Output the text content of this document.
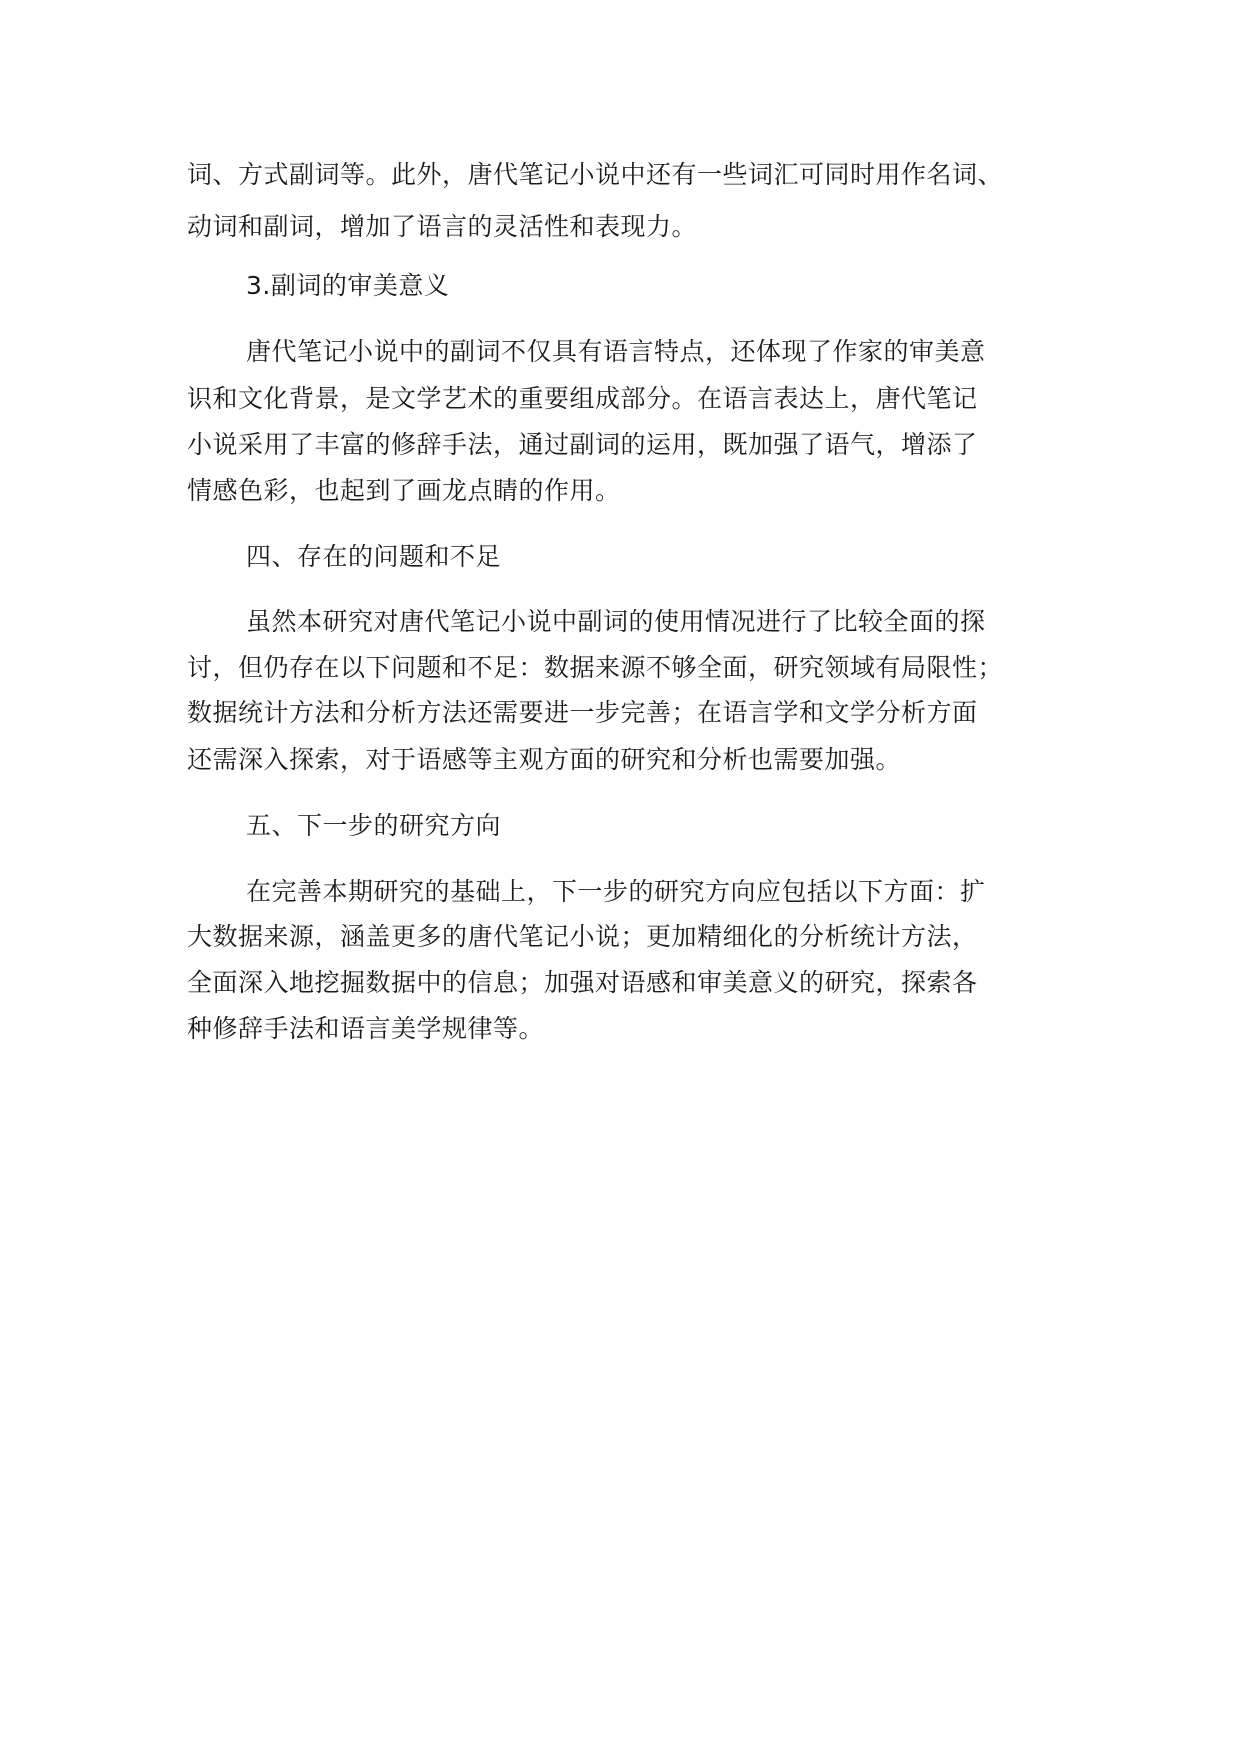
词、方式副词等。此外，唐代笔记小说中还有一些词汇可同时用作名词、
动词和副词，增加了语言的灵活性和表现力。
3.副词的审美意义
唐代笔记小说中的副词不仅具有语言特点，还体现了作家的审美意
识和文化背景，是文学艺术的重要组成部分。在语言表达上，唐代笔记
小说采用了丰富的修辞手法，通过副词的运用，既加强了语气，增添了
情感色彩，也起到了画龙点睛的作用。
四、存在的问题和不足
虽然本研究对唐代笔记小说中副词的使用情况进行了比较全面的探
讨，但仍存在以下问题和不足：数据来源不够全面，研究领域有局限性；
数据统计方法和分析方法还需要进一步完善；在语言学和文学分析方面
还需深入探索，对于语感等主观方面的研究和分析也需要加强。
五、下一步的研究方向
在完善本期研究的基础上，下一步的研究方向应包括以下方面：扩
大数据来源，涵盖更多的唐代笔记小说；更加精细化的分析统计方法，
全面深入地挖掘数据中的信息；加强对语感和审美意义的研究，探索各
种修辞手法和语言美学规律等。
